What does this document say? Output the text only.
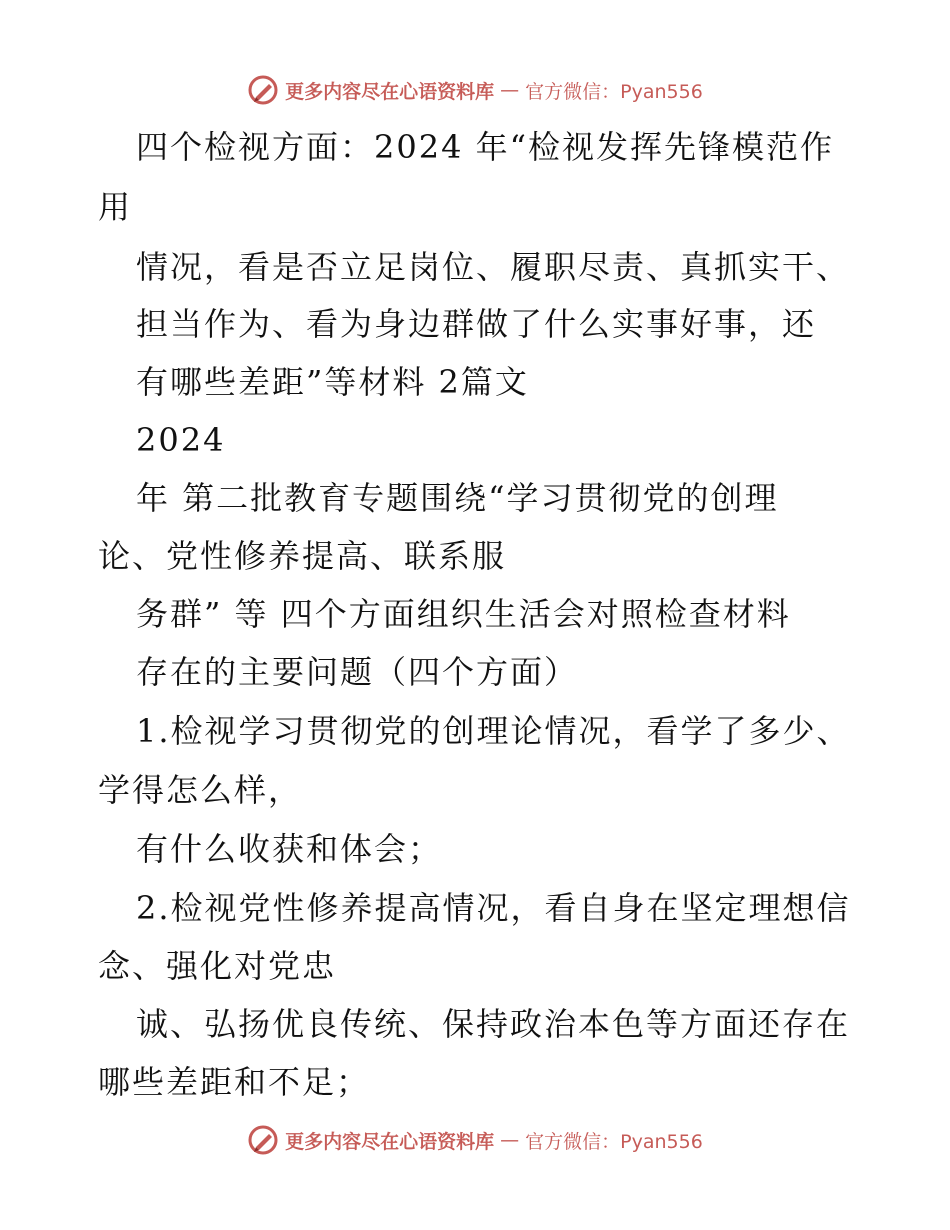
更多内容尽在心语资料库 — 官方微信：Pyan556
四个检视方面：2024 年“检视发挥先锋模范作
用
情况，看是否立足岗位、履职尽责、真抓实干、
担当作为、看为身边群做了什么实事好事，还
有哪些差距”等材料 2篇文
2024
年 第二批教育专题围绕“学习贯彻党的创理
论、党性修养提高、联系服
务群” 等 四个方面组织生活会对照检查材料
存在的主要问题（四个方面）
1.检视学习贯彻党的创理论情况，看学了多少、
学得怎么样，
有什么收获和体会；
2.检视党性修养提高情况，看自身在坚定理想信
念、强化对党忠
诚、弘扬优良传统、保持政治本色等方面还存在
哪些差距和不足；
更多内容尽在心语资料库 — 官方微信：Pyan556
